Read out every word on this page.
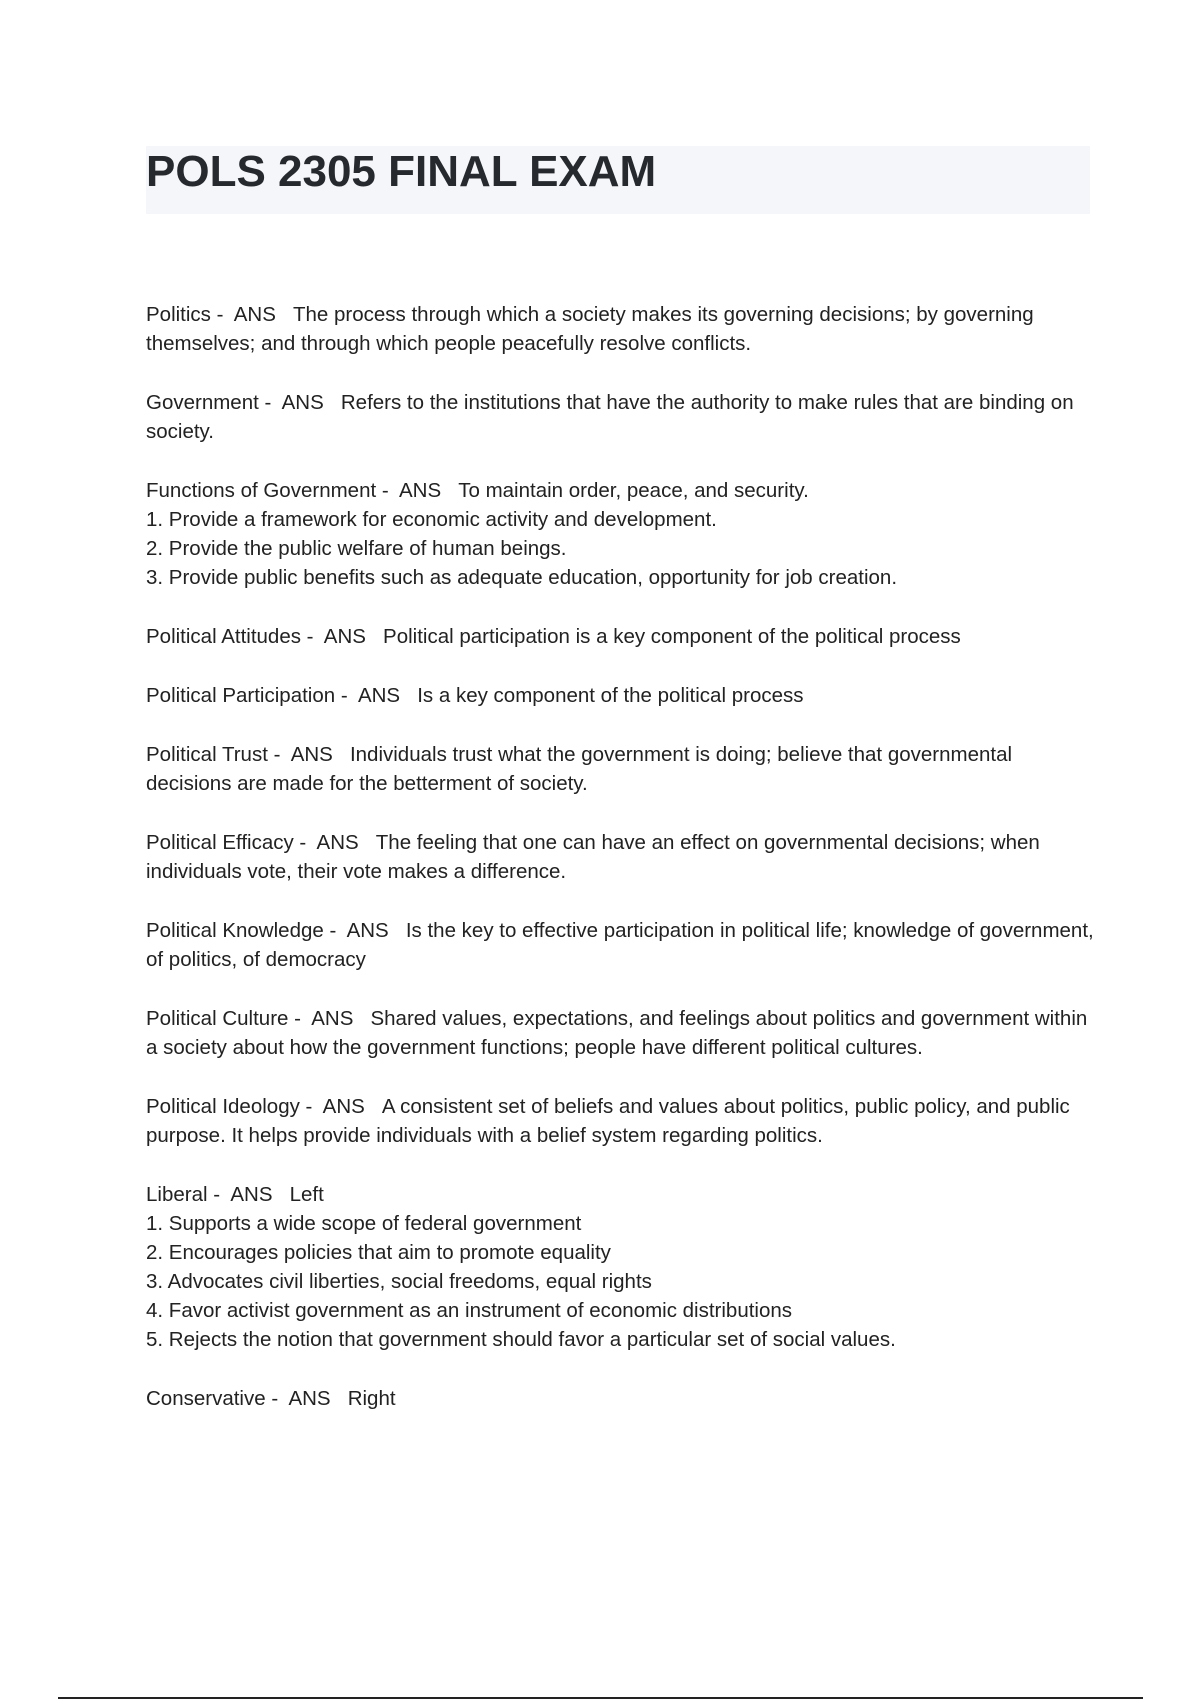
POLS 2305 FINAL EXAM
Politics -  ANS The process through which a society makes its governing decisions; by governing themselves; and through which people peacefully resolve conflicts.
Government -  ANS Refers to the institutions that have the authority to make rules that are binding on society.
Functions of Government -  ANS To maintain order, peace, and security.
1. Provide a framework for economic activity and development.
2. Provide the public welfare of human beings.
3. Provide public benefits such as adequate education, opportunity for job creation.
Political Attitudes -  ANS Political participation is a key component of the political process
Political Participation -  ANS Is a key component of the political process
Political Trust -  ANS Individuals trust what the government is doing; believe that governmental decisions are made for the betterment of society.
Political Efficacy -  ANS The feeling that one can have an effect on governmental decisions; when individuals vote, their vote makes a difference.
Political Knowledge -  ANS Is the key to effective participation in political life; knowledge of government, of politics, of democracy
Political Culture -  ANS Shared values, expectations, and feelings about politics and government within a society about how the government functions; people have different political cultures.
Political Ideology -  ANS A consistent set of beliefs and values about politics, public policy, and public purpose. It helps provide individuals with a belief system regarding politics.
Liberal -  ANS Left
1. Supports a wide scope of federal government
2. Encourages policies that aim to promote equality
3. Advocates civil liberties, social freedoms, equal rights
4. Favor activist government as an instrument of economic distributions
5. Rejects the notion that government should favor a particular set of social values.
Conservative -  ANS Right
